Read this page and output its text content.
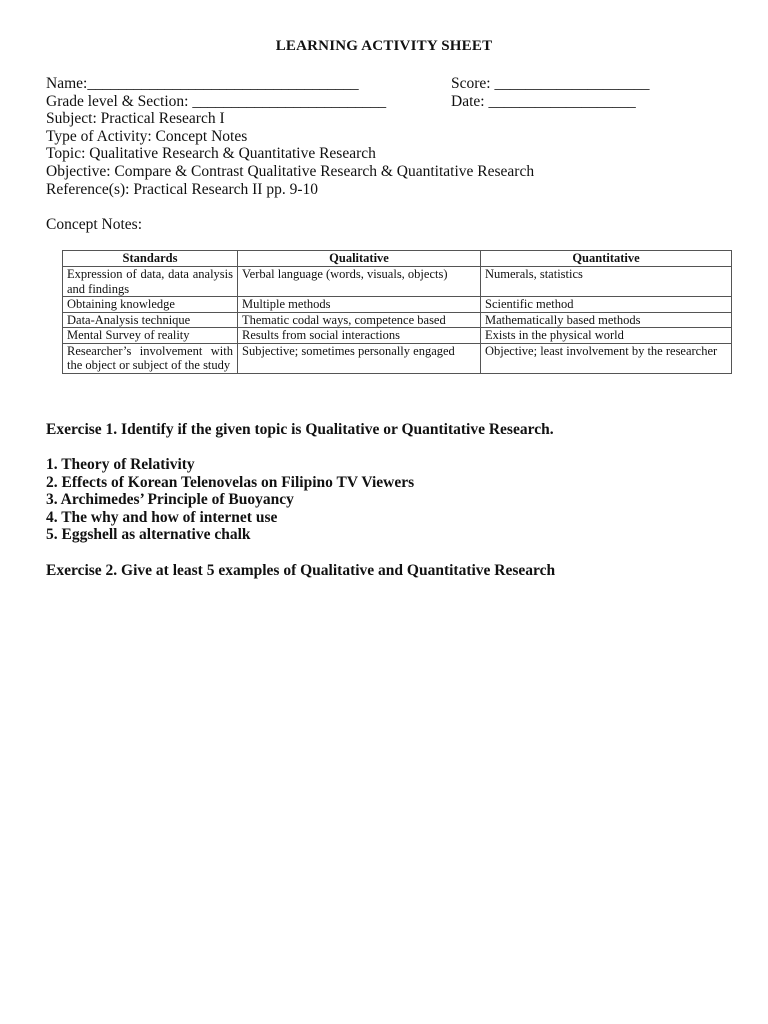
LEARNING ACTIVITY SHEET
Name:___________________________________	Score: ____________________
Grade level & Section: _________________________	Date: ___________________
Subject: Practical Research I
Type of Activity: Concept Notes
Topic: Qualitative Research & Quantitative Research
Objective: Compare & Contrast Qualitative Research & Quantitative Research
Reference(s): Practical Research II pp. 9-10
Concept Notes:
Standards	Qualitative	Quantitative
Expression of data, data analysis and findings	Verbal language (words, visuals, objects)	Numerals, statistics
Obtaining knowledge	Multiple methods	Scientific method
Data-Analysis technique	Thematic codal ways, competence based	Mathematically based methods
Mental Survey of reality	Results from social interactions	Exists in the physical world
Researcher’s involvement with the object or subject of the study	Subjective; sometimes personally engaged	Objective; least involvement by the researcher
Exercise 1. Identify if the given topic is Qualitative or Quantitative Research.
1. Theory of Relativity
2. Effects of Korean Telenovelas on Filipino TV Viewers
3. Archimedes’ Principle of Buoyancy
4. The why and how of internet use
5. Eggshell as alternative chalk
Exercise 2. Give at least 5 examples of Qualitative and Quantitative Research
